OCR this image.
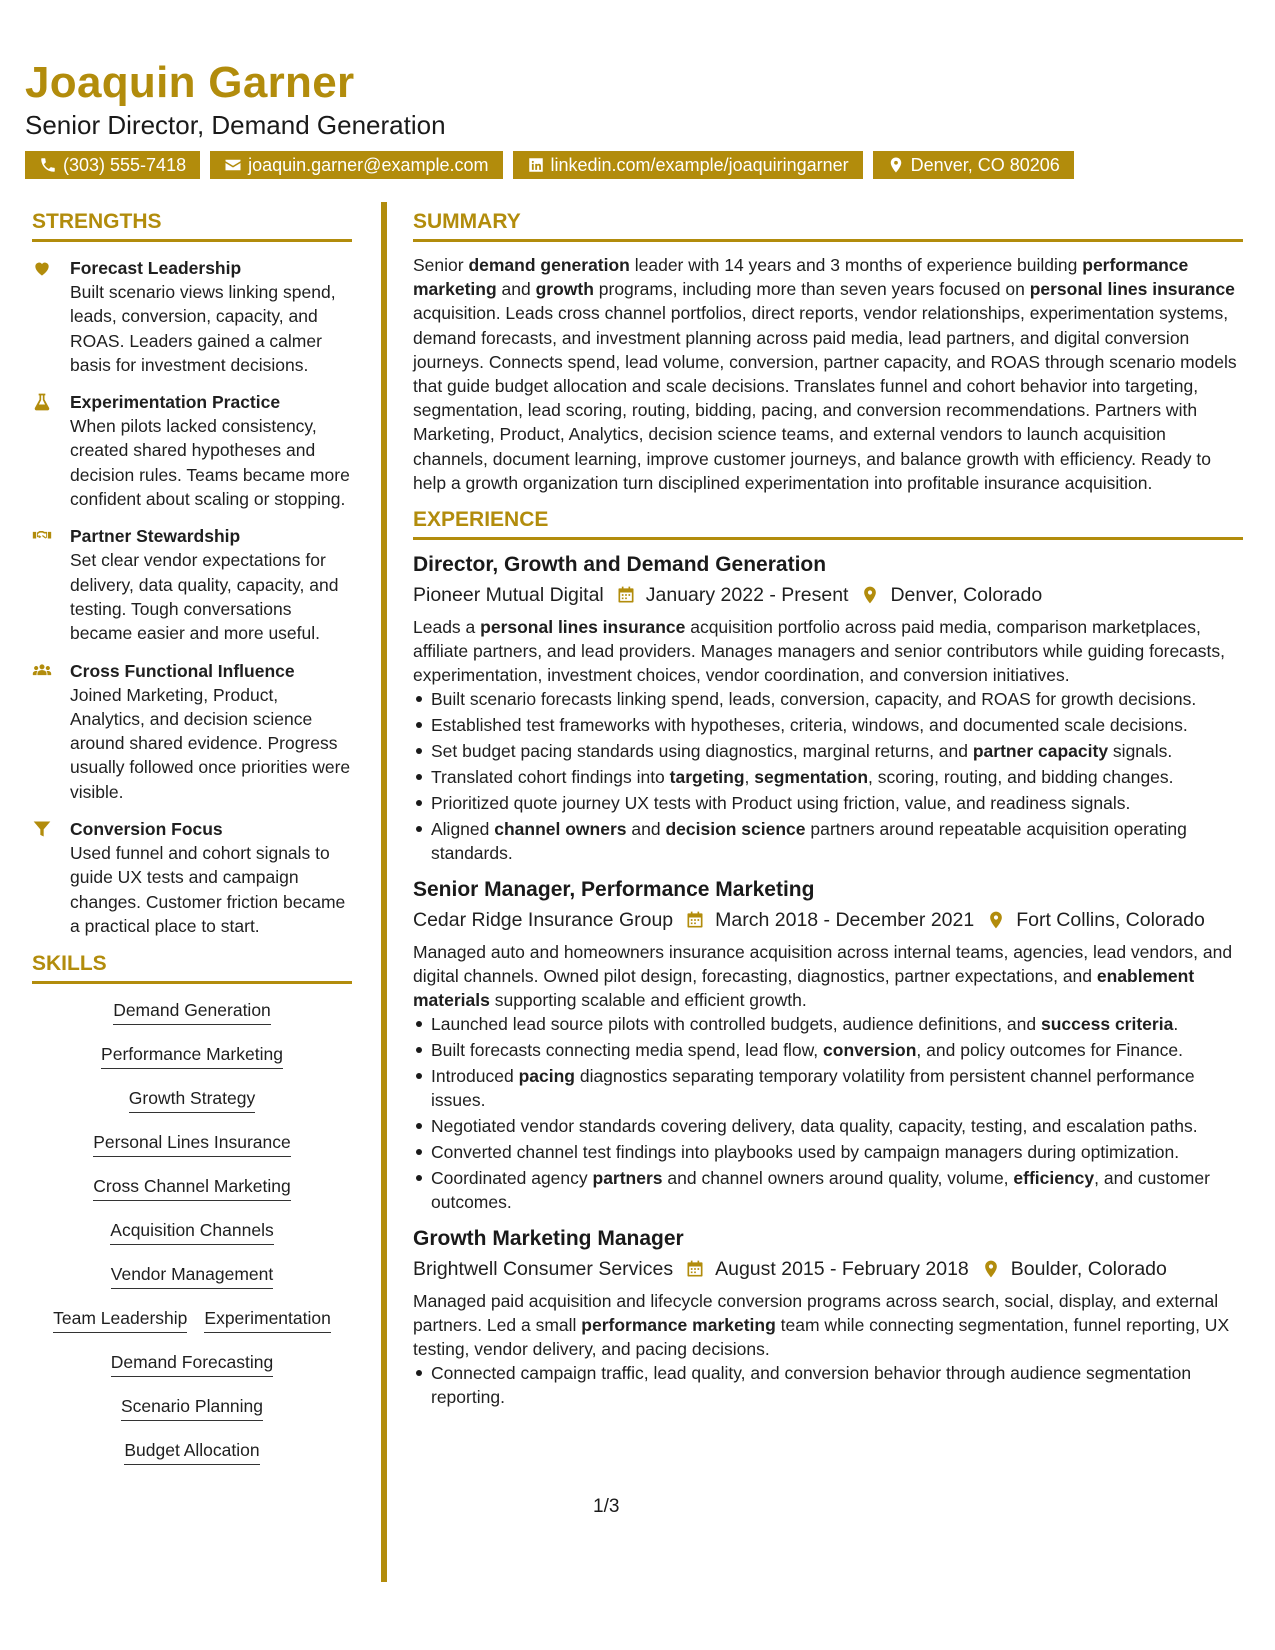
Joaquin Garner
Senior Director, Demand Generation
(303) 555-7418	joaquin.garner@example.com	linkedin.com/example/joaquiringarner	Denver, CO 80206
STRENGTHS
Forecast Leadership
Built scenario views linking spend, leads, conversion, capacity, and ROAS. Leaders gained a calmer basis for investment decisions.
Experimentation Practice
When pilots lacked consistency, created shared hypotheses and decision rules. Teams became more confident about scaling or stopping.
Partner Stewardship
Set clear vendor expectations for delivery, data quality, capacity, and testing. Tough conversations became easier and more useful.
Cross Functional Influence
Joined Marketing, Product, Analytics, and decision science around shared evidence. Progress usually followed once priorities were visible.
Conversion Focus
Used funnel and cohort signals to guide UX tests and campaign changes. Customer friction became a practical place to start.
SKILLS
Demand Generation
Performance Marketing
Growth Strategy
Personal Lines Insurance
Cross Channel Marketing
Acquisition Channels
Vendor Management
Team Leadership Experimentation
Demand Forecasting
Scenario Planning
Budget Allocation
SUMMARY

Senior demand generation leader with 14 years and 3 months of experience building performance marketing and growth programs, including more than seven years focused on personal lines insurance acquisition. Leads cross channel portfolios, direct reports, vendor relationships, experimentation systems, demand forecasts, and investment planning across paid media, lead partners, and digital conversion journeys. Connects spend, lead volume, conversion, partner capacity, and ROAS through scenario models that guide budget allocation and scale decisions. Translates funnel and cohort behavior into targeting, segmentation, lead scoring, routing, bidding, pacing, and conversion recommendations. Partners with Marketing, Product, Analytics, decision science teams, and external vendors to launch acquisition channels, document learning, improve customer journeys, and balance growth with efficiency. Ready to help a growth organization turn disciplined experimentation into profitable insurance acquisition.

EXPERIENCE
Director, Growth and Demand Generation
Pioneer Mutual Digital January 2022 - Present Denver, Colorado

Leads a personal lines insurance acquisition portfolio across paid media, comparison marketplaces, affiliate partners, and lead providers. Manages managers and senior contributors while guiding forecasts, experimentation, investment choices, vendor coordination, and conversion initiatives.

Built scenario forecasts linking spend, leads, conversion, capacity, and ROAS for growth decisions.
Established test frameworks with hypotheses, criteria, windows, and documented scale decisions.
Set budget pacing standards using diagnostics, marginal returns, and partner capacity signals.
Translated cohort findings into targeting, segmentation, scoring, routing, and bidding changes.
Prioritized quote journey UX tests with Product using friction, value, and readiness signals.
Aligned channel owners and decision science partners around repeatable acquisition operating standards.
Senior Manager, Performance Marketing
Cedar Ridge Insurance Group March 2018 - December 2021 Fort Collins, Colorado

Managed auto and homeowners insurance acquisition across internal teams, agencies, lead vendors, and digital channels. Owned pilot design, forecasting, diagnostics, partner expectations, and enablement materials supporting scalable and efficient growth.

Launched lead source pilots with controlled budgets, audience definitions, and success criteria.
Built forecasts connecting media spend, lead flow, conversion, and policy outcomes for Finance.
Introduced pacing diagnostics separating temporary volatility from persistent channel performance issues.
Negotiated vendor standards covering delivery, data quality, capacity, testing, and escalation paths.
Converted channel test findings into playbooks used by campaign managers during optimization.
Coordinated agency partners and channel owners around quality, volume, efficiency, and customer outcomes.
Growth Marketing Manager
Brightwell Consumer Services August 2015 - February 2018 Boulder, Colorado

Managed paid acquisition and lifecycle conversion programs across search, social, display, and external partners. Led a small performance marketing team while connecting segmentation, funnel reporting, UX testing, vendor delivery, and pacing decisions.

Connected campaign traffic, lead quality, and conversion behavior through audience segmentation reporting.
1/3
